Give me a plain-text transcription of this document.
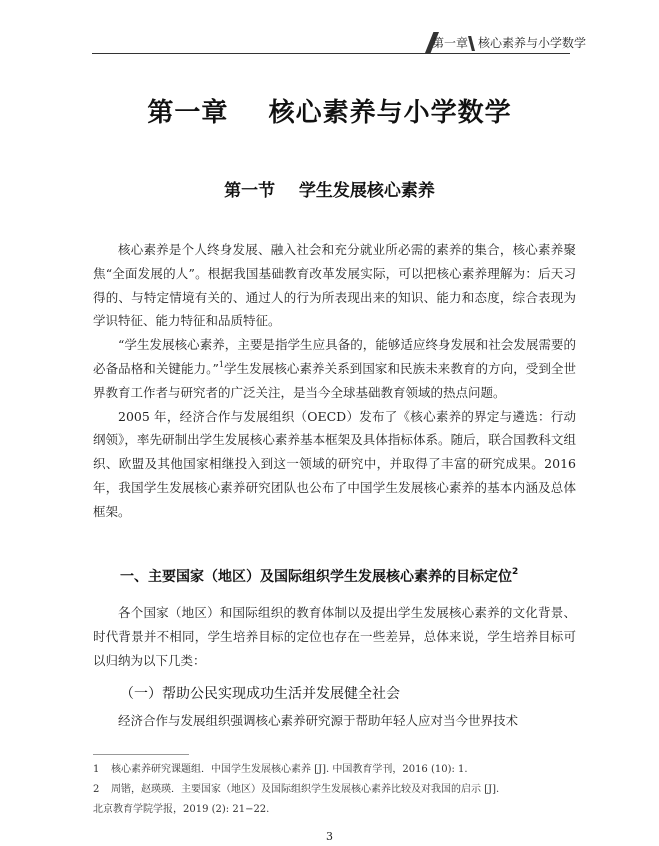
第一章 核心素养与小学数学
第一章    核心素养与小学数学
第一节    学生发展核心素养

核心素养是个人终身发展、融入社会和充分就业所必需的素养的集合，核心素养聚焦“全面发展的人”。根据我国基础教育改革发展实际，可以把核心素养理解为：后天习得的、与特定情境有关的、通过人的行为所表现出来的知识、能力和态度，综合表现为学识特征、能力特征和品质特征。

“学生发展核心素养，主要是指学生应具备的，能够适应终身发展和社会发展需要的必备品格和关键能力。”$^1$学生发展核心素养关系到国家和民族未来教育的方向，受到全世界教育工作者与研究者的广泛关注，是当今全球基础教育领域的热点问题。

2005 年，经济合作与发展组织（OECD）发布了《核心素养的界定与遴选：行动纲领》，率先研制出学生发展核心素养基本框架及具体指标体系。随后，联合国教科文组织、欧盟及其他国家相继投入到这一领域的研究中，并取得了丰富的研究成果。2016 年，我国学生发展核心素养研究团队也公布了中国学生发展核心素养的基本内涵及总体框架。

一、主要国家（地区）及国际组织学生发展核心素养的目标定位$^2$

各个国家（地区）和国际组织的教育体制以及提出学生发展核心素养的文化背景、时代背景并不相同，学生培养目标的定位也存在一些差异，总体来说，学生培养目标可以归纳为以下几类：

（一）帮助公民实现成功生活并发展健全社会

经济合作与发展组织强调核心素养研究源于帮助年轻人应对当今世界技术

1 核心素养研究课题组．中国学生发展核心素养 [J]. 中国教育学刊，2016 (10): 1.
2 周锴，赵瑛瑛．主要国家（地区）及国际组织学生发展核心素养比较及对我国的启示 [J].
北京教育学院学报，2019 (2): 21−22.
3
